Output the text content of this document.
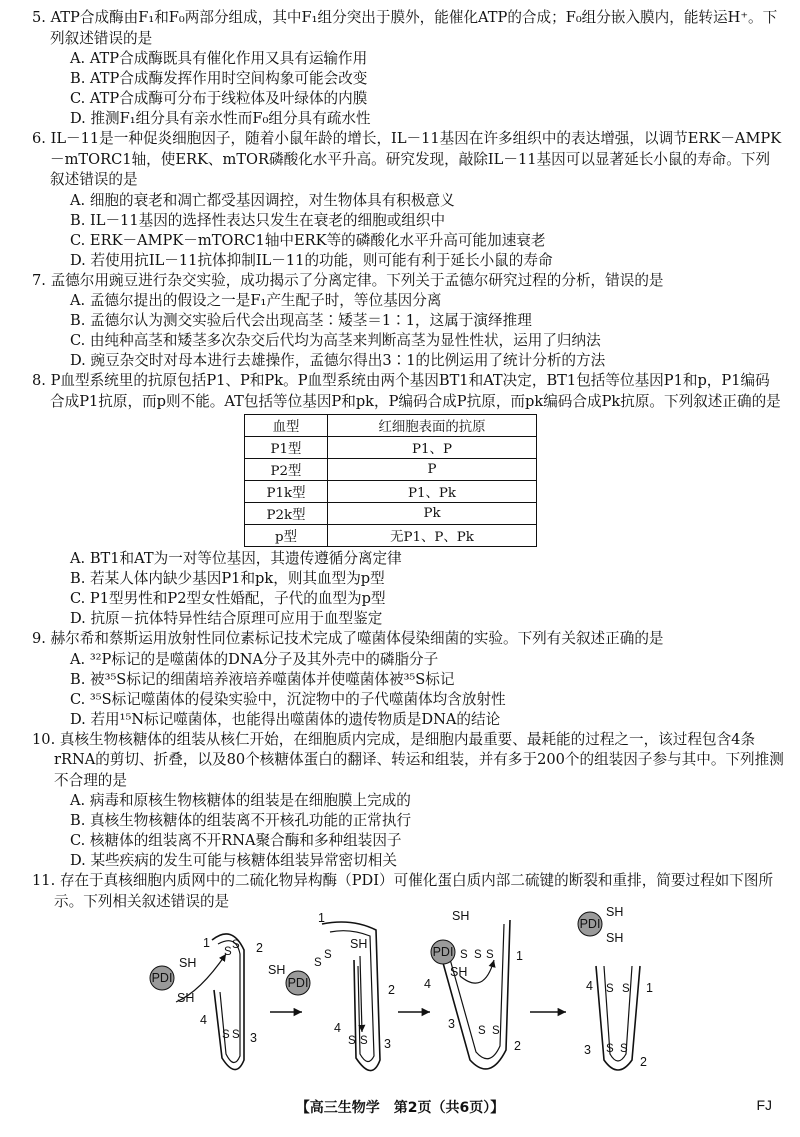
5. ATP合成酶由F₁和F₀两部分组成，其中F₁组分突出于膜外，能催化ATP的合成；F₀组分嵌入膜内，能转运H⁺。下列叙述错误的是
A. ATP合成酶既具有催化作用又具有运输作用
B. ATP合成酶发挥作用时空间构象可能会改变
C. ATP合成酶可分布于线粒体及叶绿体的内膜
D. 推测F₁组分具有亲水性而F₀组分具有疏水性
6. IL－11是一种促炎细胞因子，随着小鼠年龄的增长，IL－11基因在许多组织中的表达增强，以调节ERK－AMPK－mTORC1轴，使ERK、mTOR磷酸化水平升高。研究发现，敲除IL－11基因可以显著延长小鼠的寿命。下列叙述错误的是
A. 细胞的衰老和凋亡都受基因调控，对生物体具有积极意义
B. IL－11基因的选择性表达只发生在衰老的细胞或组织中
C. ERK－AMPK－mTORC1轴中ERK等的磷酸化水平升高可能加速衰老
D. 若使用抗IL－11抗体抑制IL－11的功能，则可能有利于延长小鼠的寿命
7. 孟德尔用豌豆进行杂交实验，成功揭示了分离定律。下列关于孟德尔研究过程的分析，错误的是
A. 孟德尔提出的假设之一是F₁产生配子时，等位基因分离
B. 孟德尔认为测交实验后代会出现高茎∶矮茎＝1∶1，这属于演绎推理
C. 由纯种高茎和矮茎多次杂交后代均为高茎来判断高茎为显性性状，运用了归纳法
D. 豌豆杂交时对母本进行去雄操作，孟德尔得出3∶1的比例运用了统计分析的方法
8. P血型系统里的抗原包括P1、P和Pk。P血型系统由两个基因BT1和AT决定，BT1包括等位基因P1和p，P1编码合成P1抗原，而p则不能。AT包括等位基因P和pk，P编码合成P抗原，而pk编码合成Pk抗原。下列叙述正确的是
血型	红细胞表面的抗原
P1型	P1、P
P2型	P
P1k型	P1、Pk
P2k型	Pk
p型	无P1、P、Pk
A. BT1和AT为一对等位基因，其遗传遵循分离定律
B. 若某人体内缺少基因P1和pk，则其血型为p型
C. P1型男性和P2型女性婚配，子代的血型为p型
D. 抗原－抗体特异性结合原理可应用于血型鉴定
9. 赫尔希和蔡斯运用放射性同位素标记技术完成了噬菌体侵染细菌的实验。下列有关叙述正确的是
A. ³²P标记的是噬菌体的DNA分子及其外壳中的磷脂分子
B. 被³⁵S标记的细菌培养液培养噬菌体并使噬菌体被³⁵S标记
C. ³⁵S标记噬菌体的侵染实验中，沉淀物中的子代噬菌体均含放射性
D. 若用¹⁵N标记噬菌体，也能得出噬菌体的遗传物质是DNA的结论
10. 真核生物核糖体的组装从核仁开始，在细胞质内完成，是细胞内最重要、最耗能的过程之一，该过程包含4条rRNA的剪切、折叠，以及80个核糖体蛋白的翻译、转运和组装，并有多于200个的组装因子参与其中。下列推测不合理的是
A. 病毒和原核生物核糖体的组装是在细胞膜上完成的
B. 真核生物核糖体的组装离不开核孔功能的正常执行
C. 核糖体的组装离不开RNA聚合酶和多种组装因子
D. 某些疾病的发生可能与核糖体组装异常密切相关
11. 存在于真核细胞内质网中的二硫化物异构酶（PDI）可催化蛋白质内部二硫键的断裂和重排，简要过程如下图所示。下列相关叙述错误的是
PDI
SH
SH
S
S
S S
1	2
3
4
PDI
SH
SH
S
S
S S
1
2
3
4
PDI
SH
SH
S S S
S S
1
2
3
4
PDI
SH
SH
S S
S S
1
2
3
4
【高三生物学　第2页（共6页）】	FJ
